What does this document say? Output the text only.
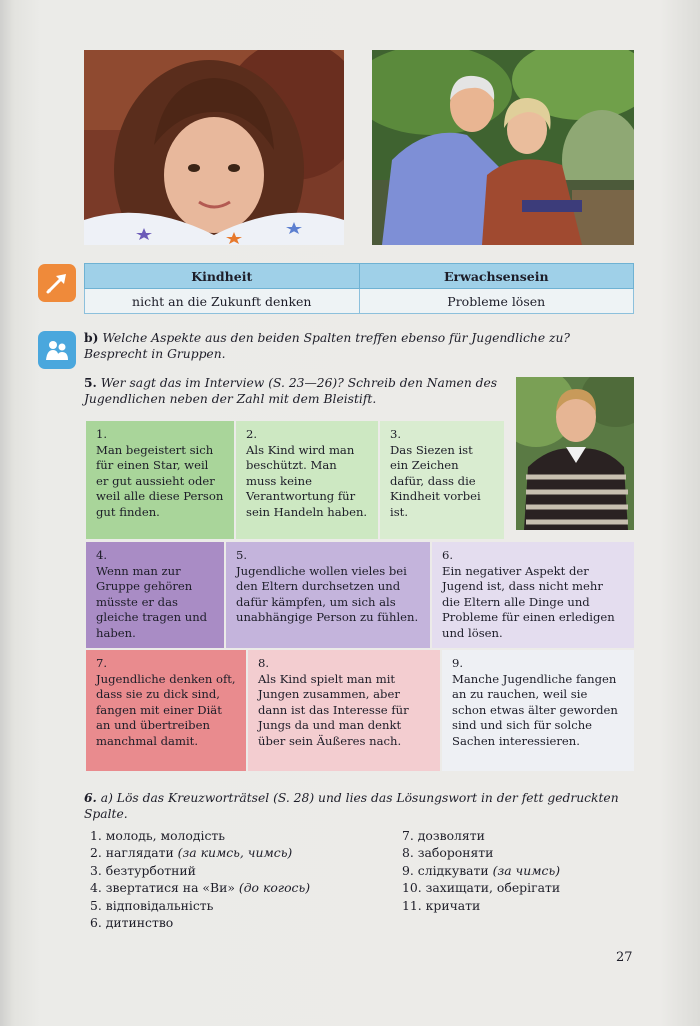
Kindheit	Erwachsensein
nicht an die Zukunft denken	Probleme lösen
b) Welche Aspekte aus den beiden Spalten treffen ebenso für Jugendliche zu? Besprecht in Gruppen.
5. Wer sagt das im Interview (S. 23—26)? Schreib den Namen des Jugendlichen neben der Zahl mit dem Bleistift.
1.
Man begeistert sich für einen Star, weil er gut aussieht oder weil alle diese Person gut finden.
2.
Als Kind wird man beschützt. Man muss keine Verantwortung für sein Handeln haben.
3.
Das Siezen ist ein Zeichen dafür, dass die Kindheit vorbei ist.
4.
Wenn man zur Gruppe gehören müsste er das gleiche tragen und haben.
5.
Jugendliche wollen vieles bei den Eltern durchsetzen und dafür kämpfen, um sich als unabhängige Person zu fühlen.
6.
Ein negativer Aspekt der Jugend ist, dass nicht mehr die Eltern alle Dinge und Probleme für einen erledigen und lösen.
7.
Jugendliche denken oft, dass sie zu dick sind, fangen mit einer Diät an und übertreiben manchmal damit.
8.
Als Kind spielt man mit Jungen zusammen, aber dann ist das Interesse für Jungs da und man denkt über sein Äußeres nach.
9.
Manche Jugendliche fangen an zu rauchen, weil sie schon etwas älter geworden sind und sich für solche Sachen interessieren.
6. a) Lös das Kreuzworträtsel (S. 28) und lies das Lösungswort in der fett gedruckten Spalte.
1. молодь, молодість
2. наглядати (за кимсь, чимсь)
3. безтурботний
4. звертатися на «Ви» (до когось)
5. відповідальність
6. дитинство
7. дозволяти
8. забороняти
9. слідкувати (за чимсь)
10. захищати, оберігати
11. кричати
27
